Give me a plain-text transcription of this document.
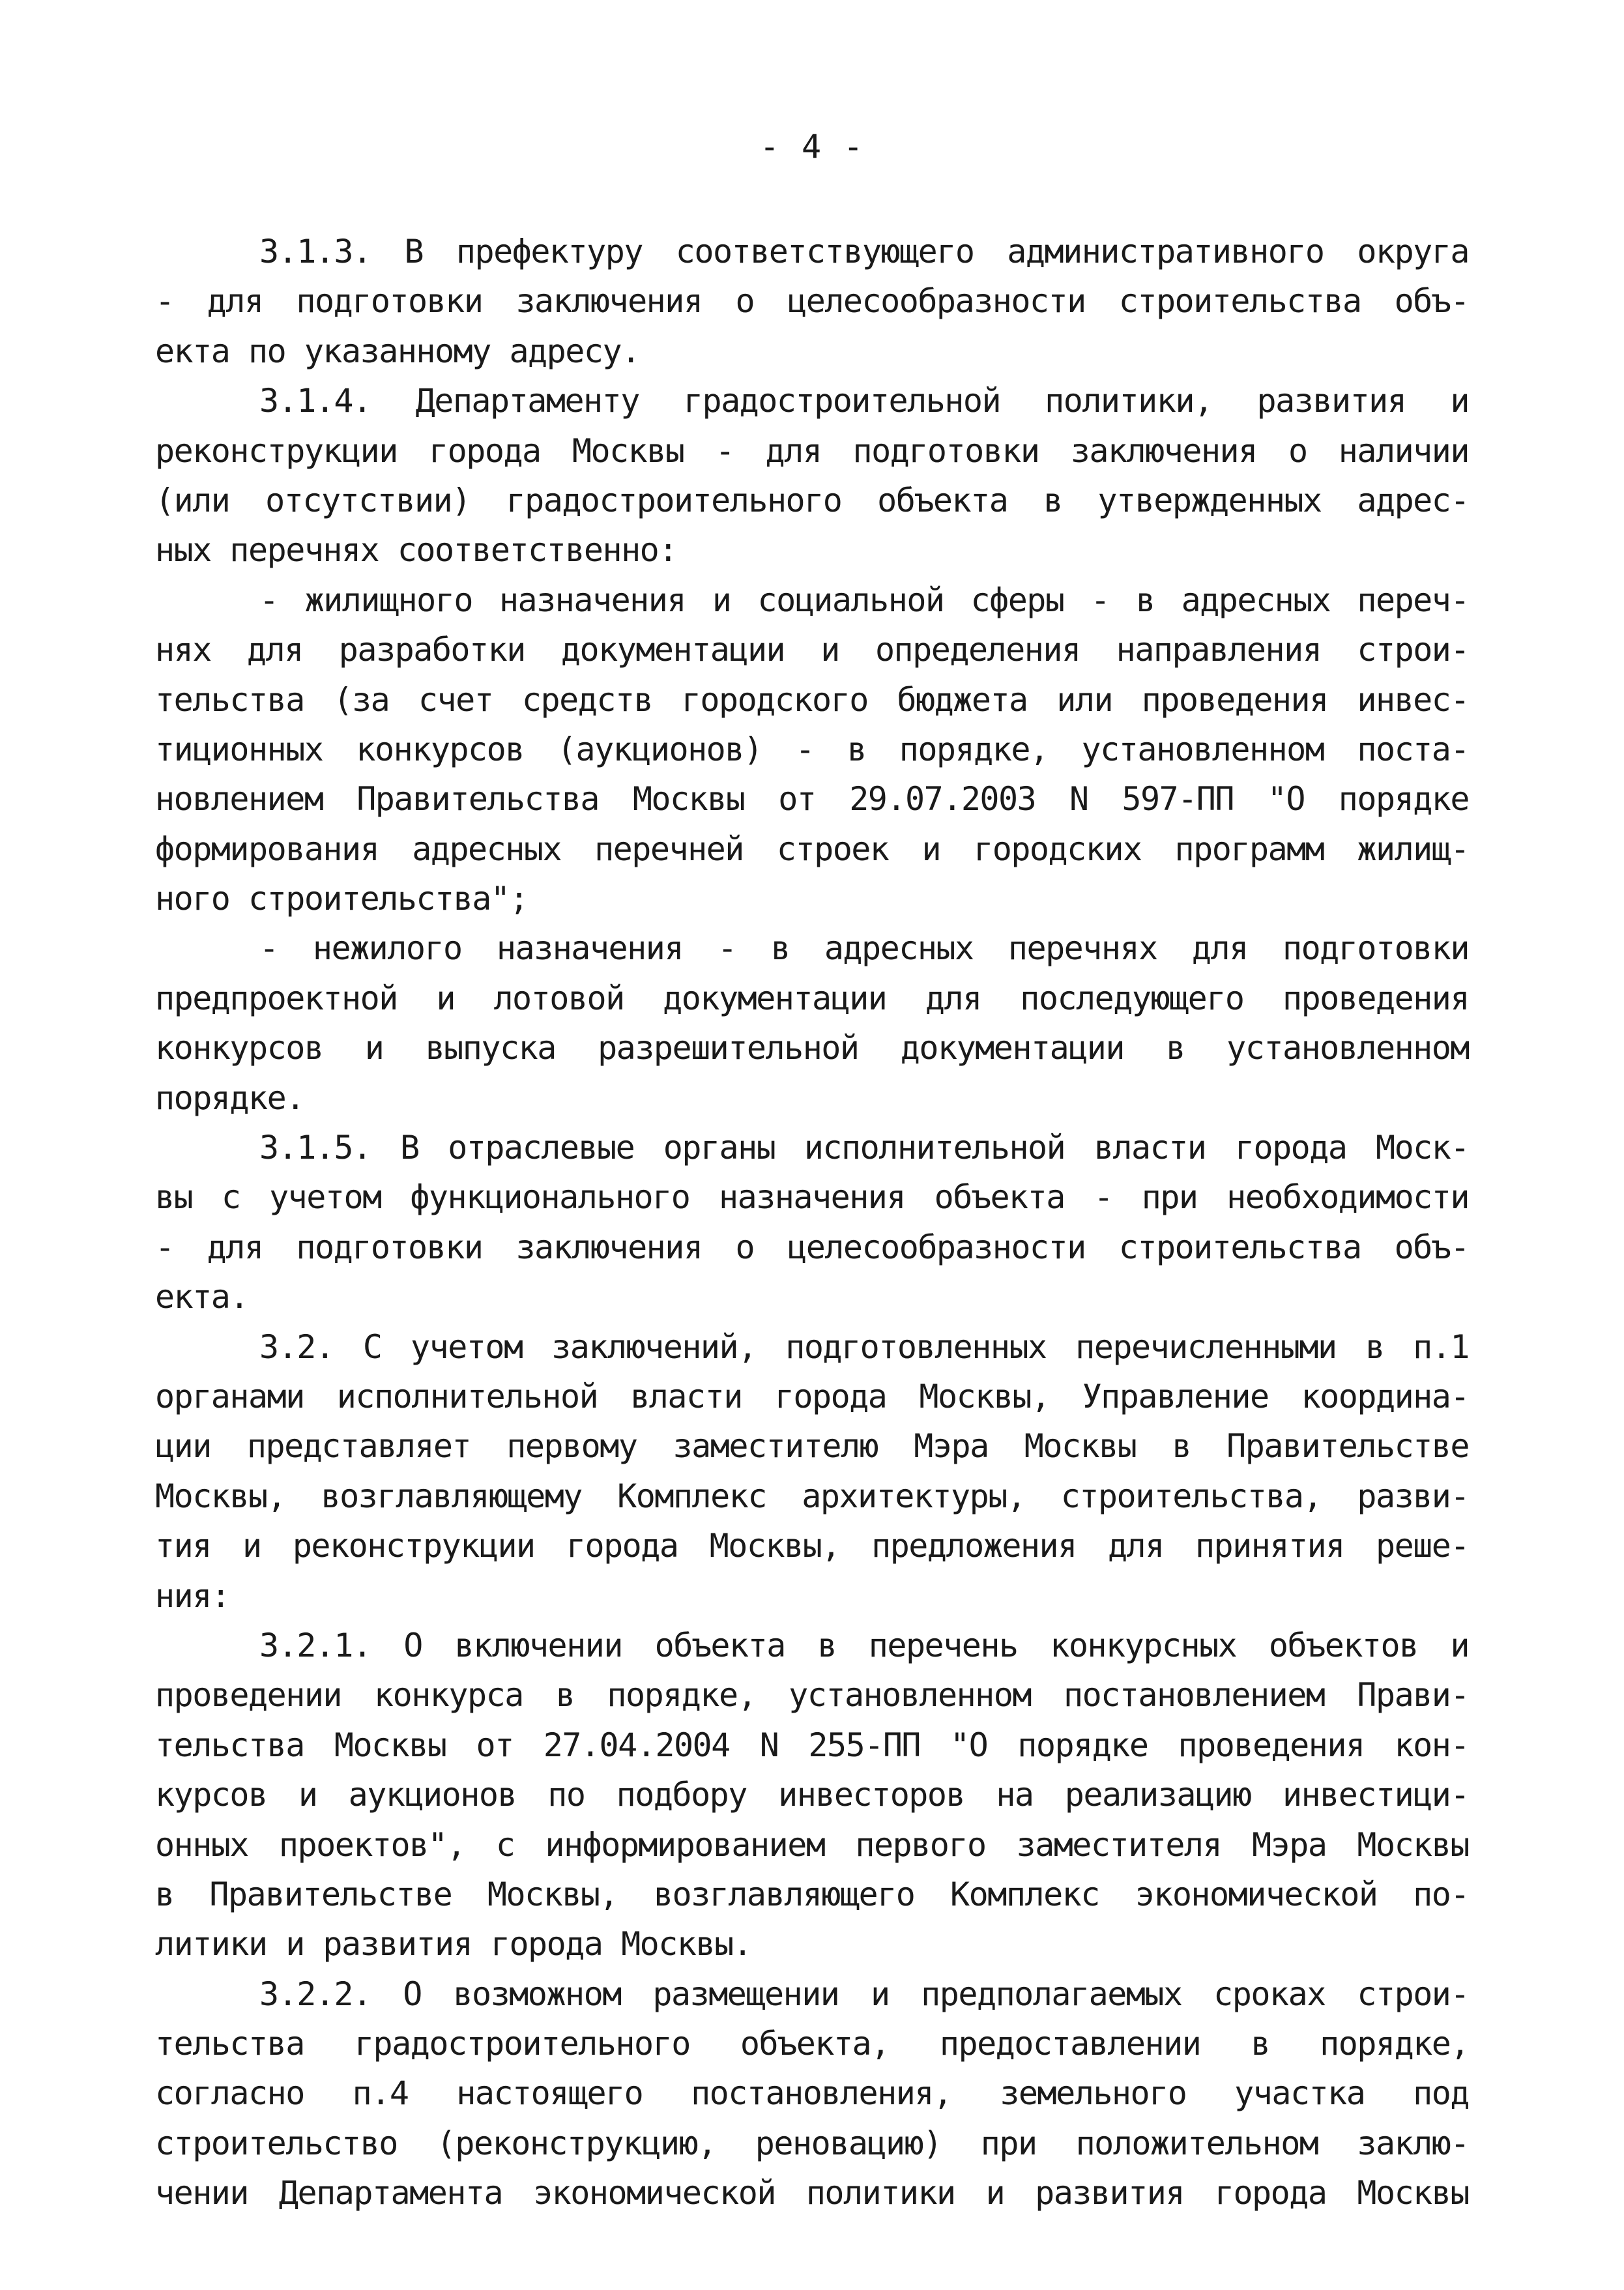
- 4 -
3.1.3. В префектуру соответствующего административного округа
- для подготовки заключения о целесообразности строительства объ-
екта по указанному адресу.
3.1.4. Департаменту градостроительной политики, развития и
реконструкции города Москвы - для подготовки заключения о наличии
(или отсутствии) градостроительного объекта в утвержденных адрес-
ных перечнях соответственно:
- жилищного назначения и социальной сферы - в адресных переч-
нях для разработки документации и определения направления строи-
тельства (за счет средств городского бюджета или проведения инвес-
тиционных конкурсов (аукционов) - в порядке, установленном поста-
новлением Правительства Москвы от 29.07.2003 N 597-ПП "О порядке
формирования адресных перечней строек и городских программ жилищ-
ного строительства";
- нежилого назначения - в адресных перечнях для подготовки
предпроектной и лотовой документации для последующего проведения
конкурсов и выпуска разрешительной документации в установленном
порядке.
3.1.5. В отраслевые органы исполнительной власти города Моск-
вы с учетом функционального назначения объекта - при необходимости
- для подготовки заключения о целесообразности строительства объ-
екта.
3.2. С учетом заключений, подготовленных перечисленными в п.1
органами исполнительной власти города Москвы, Управление координа-
ции представляет первому заместителю Мэра Москвы в Правительстве
Москвы, возглавляющему Комплекс архитектуры, строительства, разви-
тия и реконструкции города Москвы, предложения для принятия реше-
ния:
3.2.1. О включении объекта в перечень конкурсных объектов и
проведении конкурса в порядке, установленном постановлением Прави-
тельства Москвы от 27.04.2004 N 255-ПП "О порядке проведения кон-
курсов и аукционов по подбору инвесторов на реализацию инвестици-
онных проектов", с информированием первого заместителя Мэра Москвы
в Правительстве Москвы, возглавляющего Комплекс экономической по-
литики и развития города Москвы.
3.2.2. О возможном размещении и предполагаемых сроках строи-
тельства градостроительного объекта, предоставлении в порядке,
согласно п.4 настоящего постановления, земельного участка под
строительство (реконструкцию, реновацию) при положительном заклю-
чении Департамента экономической политики и развития города Москвы
